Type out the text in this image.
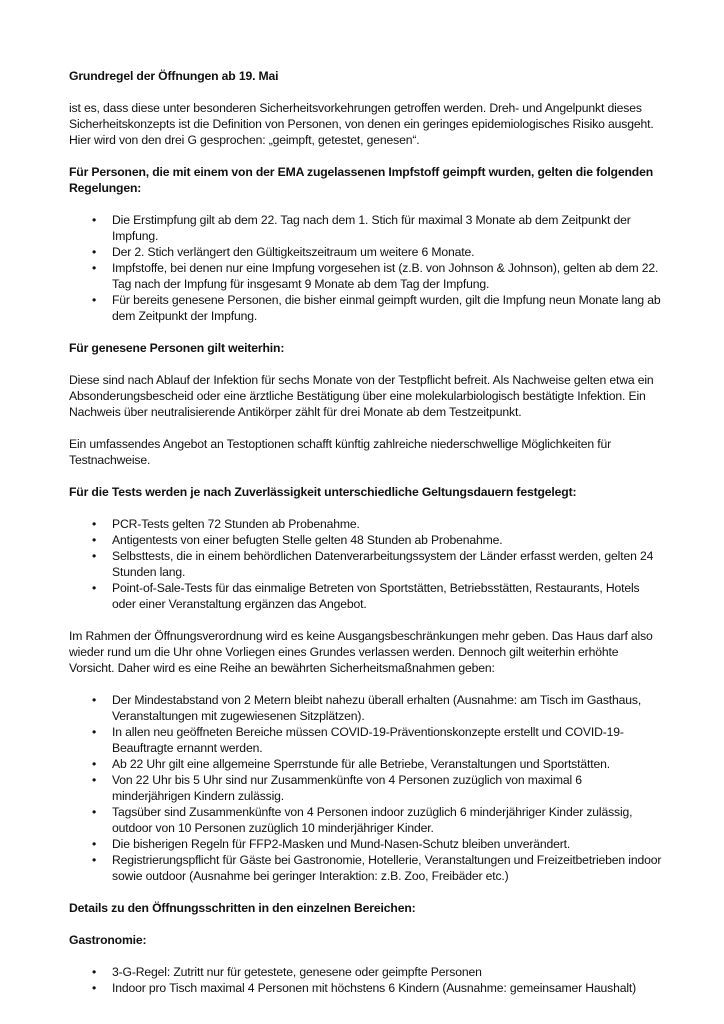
Grundregel der Öffnungen ab 19. Mai

ist es, dass diese unter besonderen Sicherheitsvorkehrungen getroffen werden. Dreh- und Angelpunkt dieses Sicherheitskonzepts ist die Definition von Personen, von denen ein geringes epidemiologisches Risiko ausgeht. Hier wird von den drei G gesprochen: „geimpft, getestet, genesen“.

Für Personen, die mit einem von der EMA zugelassenen Impfstoff geimpft wurden, gelten die folgenden Regelungen:

• Die Erstimpfung gilt ab dem 22. Tag nach dem 1. Stich für maximal 3 Monate ab dem Zeitpunkt der Impfung.
• Der 2. Stich verlängert den Gültigkeitszeitraum um weitere 6 Monate.
• Impfstoffe, bei denen nur eine Impfung vorgesehen ist (z.B. von Johnson & Johnson), gelten ab dem 22. Tag nach der Impfung für insgesamt 9 Monate ab dem Tag der Impfung.
• Für bereits genesene Personen, die bisher einmal geimpft wurden, gilt die Impfung neun Monate lang ab dem Zeitpunkt der Impfung.

Für genesene Personen gilt weiterhin:

Diese sind nach Ablauf der Infektion für sechs Monate von der Testpflicht befreit. Als Nachweise gelten etwa ein Absonderungsbescheid oder eine ärztliche Bestätigung über eine molekularbiologisch bestätigte Infektion. Ein Nachweis über neutralisierende Antikörper zählt für drei Monate ab dem Testzeitpunkt.

Ein umfassendes Angebot an Testoptionen schafft künftig zahlreiche niederschwellige Möglichkeiten für Testnachweise.

Für die Tests werden je nach Zuverlässigkeit unterschiedliche Geltungsdauern festgelegt:

• PCR-Tests gelten 72 Stunden ab Probenahme.
• Antigentests von einer befugten Stelle gelten 48 Stunden ab Probenahme.
• Selbsttests, die in einem behördlichen Datenverarbeitungssystem der Länder erfasst werden, gelten 24 Stunden lang.
• Point-of-Sale-Tests für das einmalige Betreten von Sportstätten, Betriebsstätten, Restaurants, Hotels oder einer Veranstaltung ergänzen das Angebot.

Im Rahmen der Öffnungsverordnung wird es keine Ausgangsbeschränkungen mehr geben. Das Haus darf also wieder rund um die Uhr ohne Vorliegen eines Grundes verlassen werden. Dennoch gilt weiterhin erhöhte Vorsicht. Daher wird es eine Reihe an bewährten Sicherheitsmaßnahmen geben:

• Der Mindestabstand von 2 Metern bleibt nahezu überall erhalten (Ausnahme: am Tisch im Gasthaus, Veranstaltungen mit zugewiesenen Sitzplätzen).
• In allen neu geöffneten Bereiche müssen COVID-19-Präventionskonzepte erstellt und COVID-19-Beauftragte ernannt werden.
• Ab 22 Uhr gilt eine allgemeine Sperrstunde für alle Betriebe, Veranstaltungen und Sportstätten.
• Von 22 Uhr bis 5 Uhr sind nur Zusammenkünfte von 4 Personen zuzüglich von maximal 6 minderjährigen Kindern zulässig.
• Tagsüber sind Zusammenkünfte von 4 Personen indoor zuzüglich 6 minderjähriger Kinder zulässig, outdoor von 10 Personen zuzüglich 10 minderjähriger Kinder.
• Die bisherigen Regeln für FFP2-Masken und Mund-Nasen-Schutz bleiben unverändert.
• Registrierungspflicht für Gäste bei Gastronomie, Hotellerie, Veranstaltungen und Freizeitbetrieben indoor sowie outdoor (Ausnahme bei geringer Interaktion: z.B. Zoo, Freibäder etc.)

Details zu den Öffnungsschritten in den einzelnen Bereichen:

Gastronomie:

• 3-G-Regel: Zutritt nur für getestete, genesene oder geimpfte Personen
• Indoor pro Tisch maximal 4 Personen mit höchstens 6 Kindern (Ausnahme: gemeinsamer Haushalt)
